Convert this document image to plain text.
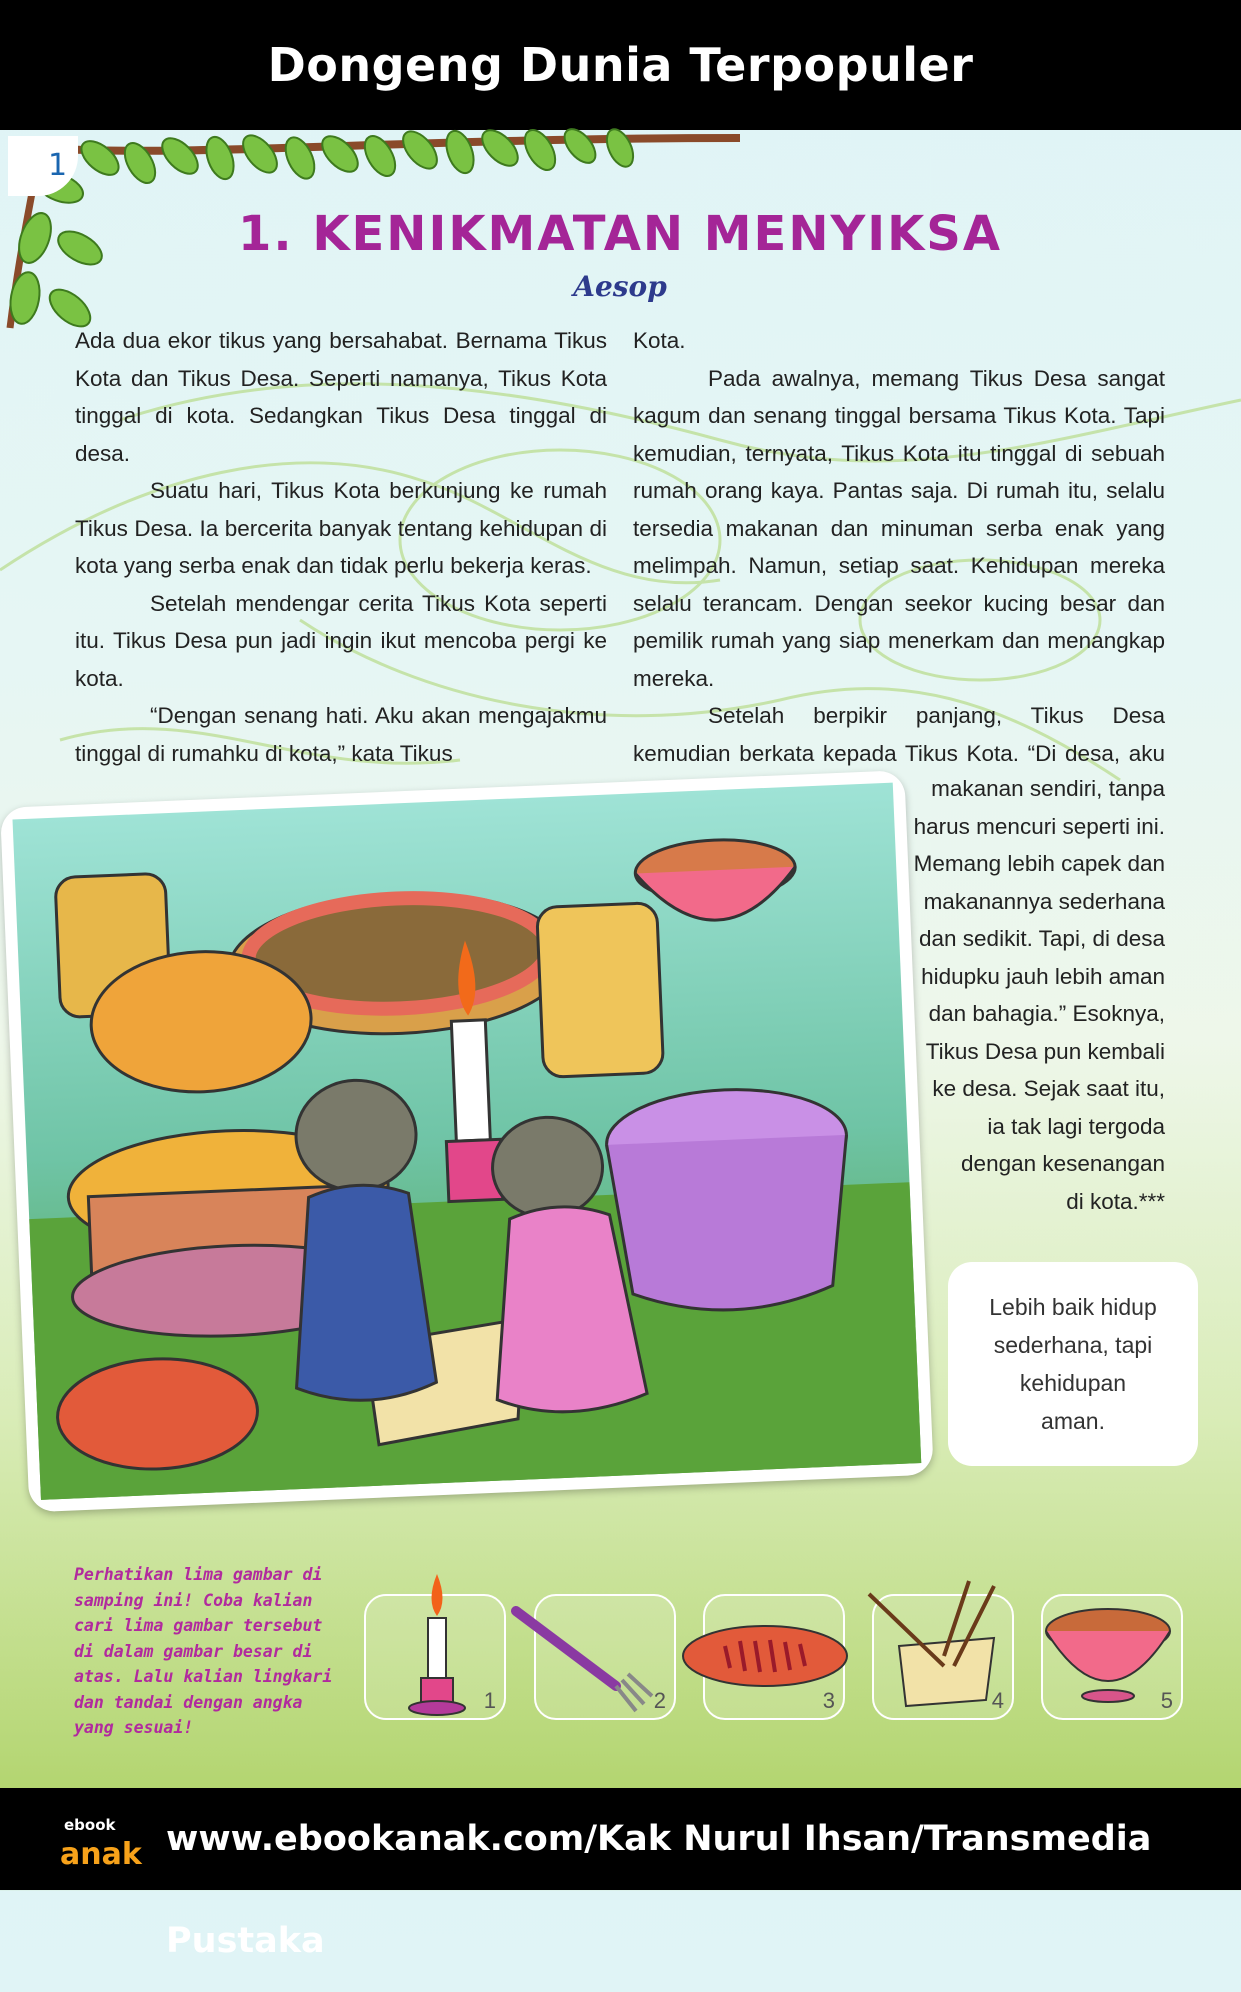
Dongeng Dunia Terpopuler
1
1. KENIKMATAN MENYIKSA
Aesop

Ada dua ekor tikus yang bersahabat. Bernama Tikus Kota dan Tikus Desa. Seperti namanya, Tikus Kota tinggal di kota. Sedangkan Tikus Desa tinggal di desa.

Suatu hari, Tikus Kota berkunjung ke rumah Tikus Desa. Ia bercerita banyak tentang kehidupan di kota yang serba enak dan tidak perlu bekerja keras.

Setelah mendengar cerita Tikus Kota seperti itu. Tikus Desa pun jadi ingin ikut mencoba pergi ke kota.

“Dengan senang hati. Aku akan mengajakmu tinggal di rumahku di kota,” kata Tikus

Kota.

Pada awalnya, memang Tikus Desa sangat kagum dan senang tinggal bersama Tikus Kota. Tapi kemudian, ternyata, Tikus Kota itu tinggal di sebuah rumah orang kaya. Pantas saja. Di rumah itu, selalu tersedia makanan dan minuman serba enak yang melimpah. Namun, setiap saat. Kehidupan mereka selalu terancam. Dengan seekor kucing besar dan pemilik rumah yang siap menerkam dan menangkap mereka.

Setelah berpikir panjang, Tikus Desa kemudian berkata kepada Tikus Kota. “Di desa, aku

makanan sendiri, tanpa
harus mencuri seperti ini.
Memang lebih capek dan
makanannya sederhana
dan sedikit. Tapi, di desa
hidupku jauh lebih aman
dan bahagia.” Esoknya,
Tikus Desa pun kembali
ke desa. Sejak saat itu,
ia tak lagi tergoda
dengan kesenangan
di kota.***
Lebih baik hidup
sederhana, tapi
kehidupan
aman.
Perhatikan lima gambar di samping ini! Coba kalian cari lima gambar tersebut di dalam gambar besar di atas. Lalu kalian lingkari dan tandai dengan angka yang sesuai!
1	2	3	4	5
ebook
anak www.ebookanak.com/Kak Nurul Ihsan/Transmedia Pustaka
